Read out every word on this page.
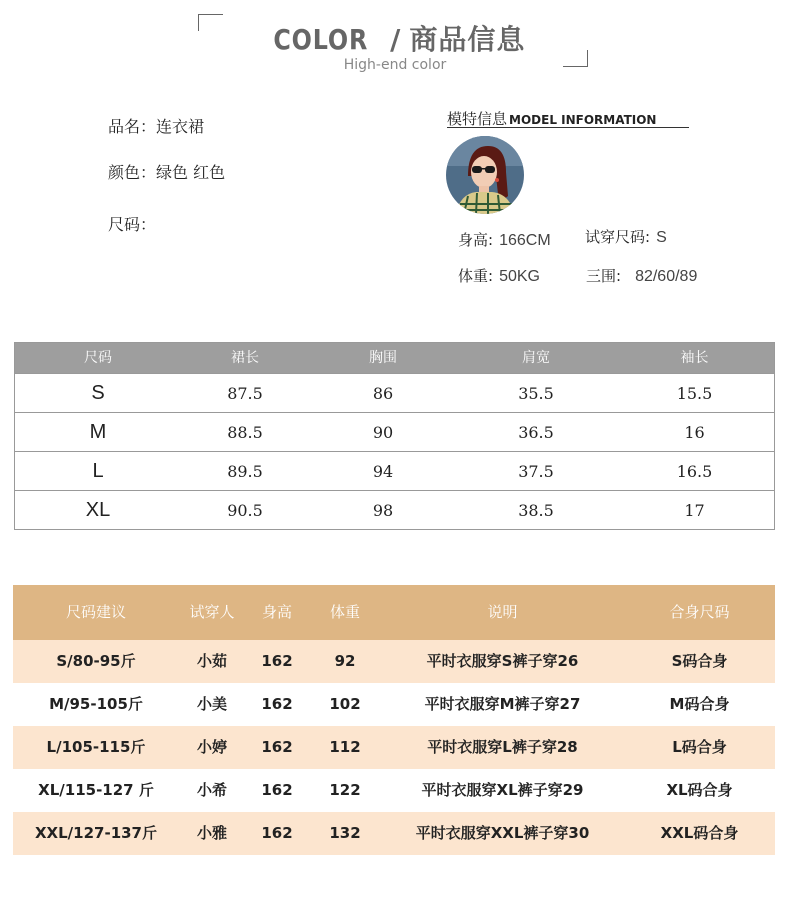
COLOR / 商品信息
High-end color
品名：连衣裙
颜色：绿色 红色
尺码：
模特信息 MODEL INFORMATION
身高: 166CM 试穿尺码: S
体重: 50KG	三围: 82/60/89
尺码	裙长	胸围	肩宽	袖长
S	87.5	86	35.5	15.5
M	88.5	90	36.5	16
L	89.5	94	37.5	16.5
XL	90.5	98	38.5	17
尺码建议	试穿人	身高	体重	说明	合身尺码
S/80-95斤	小茹	162	92	平时衣服穿S裤子穿26	S码合身
M/95-105斤	小美	162	102	平时衣服穿M裤子穿27	M码合身
L/105-115斤	小婷	162	112	平时衣服穿L裤子穿28	L码合身
XL/115-127 斤	小希	162	122	平时衣服穿XL裤子穿29	XL码合身
XXL/127-137斤	小雅	162	132	平时衣服穿XXL裤子穿30	XXL码合身
